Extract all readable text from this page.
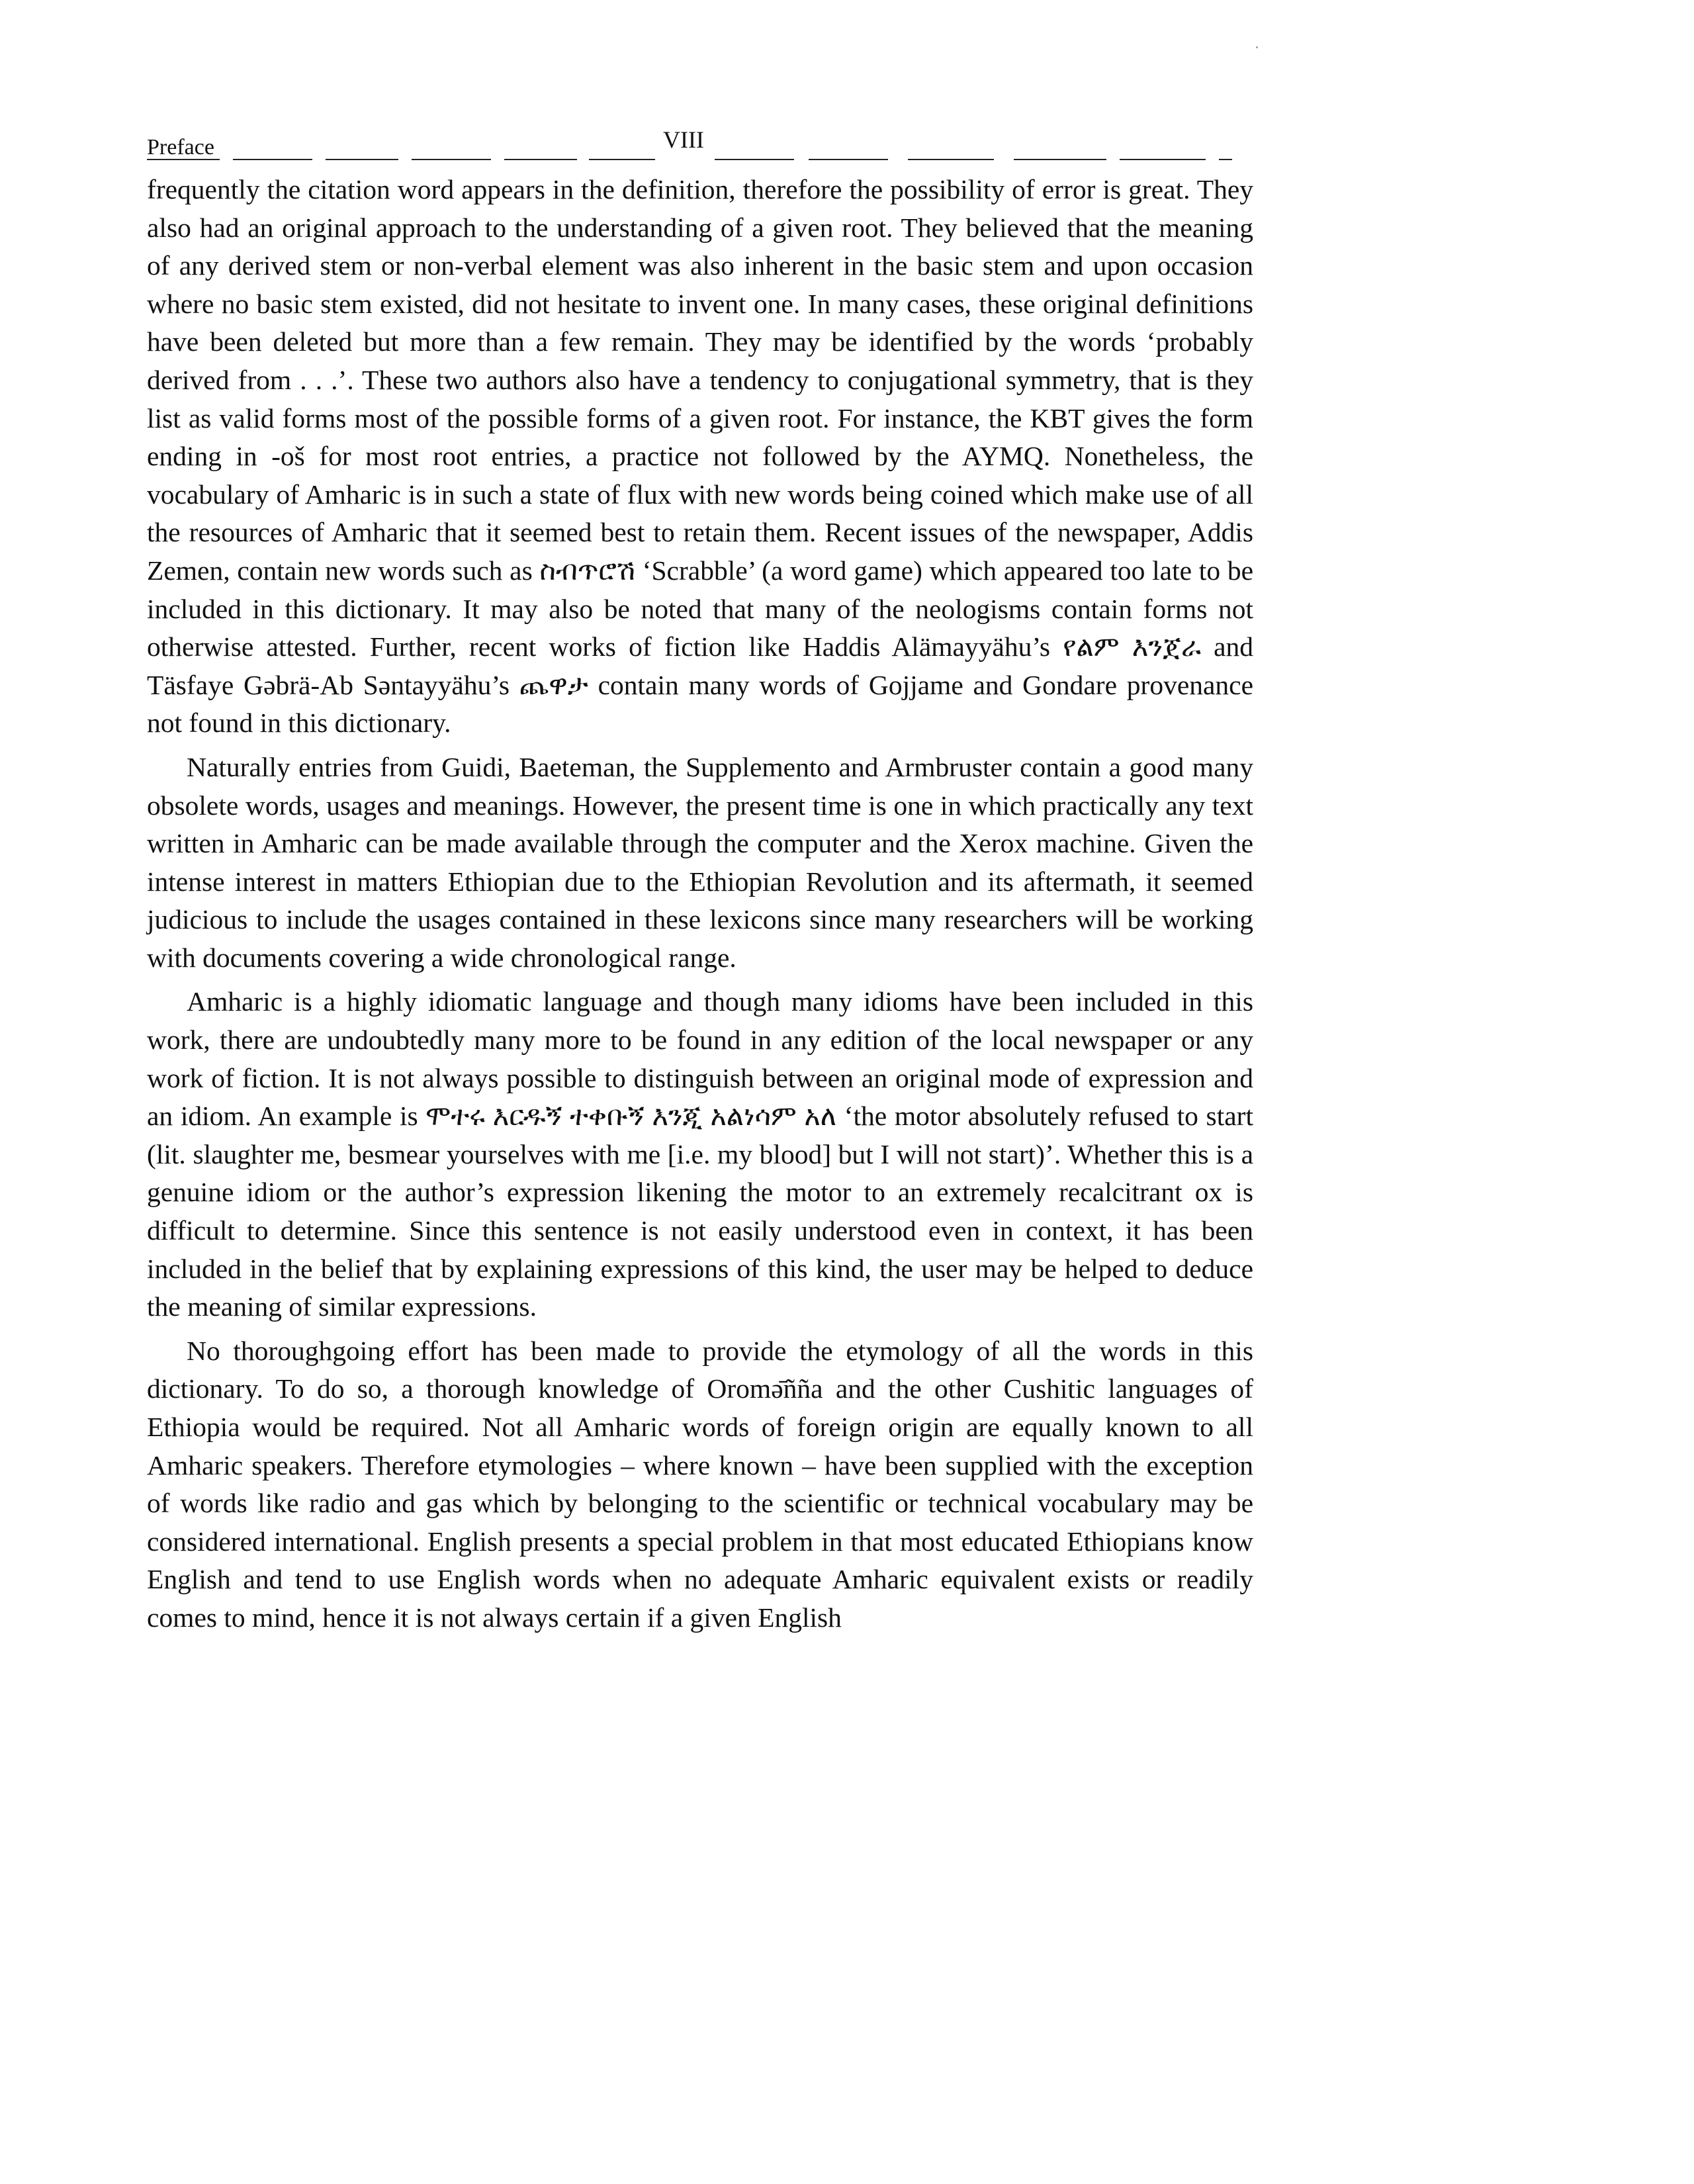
Preface	VIII

frequently the citation word appears in the definition, therefore the possibility of error is great. They also had an original approach to the understanding of a given root. They believed that the meaning of any derived stem or non-verbal element was also inherent in the basic stem and upon occasion where no basic stem existed, did not hesitate to invent one. In many cases, these original definitions have been deleted but more than a few remain. They may be identified by the words ‘probably derived from . . .’. These two authors also have a tendency to conjugational symmetry, that is they list as valid forms most of the possible forms of a given root. For instance, the KBT gives the form ending in -oš for most root entries, a practice not followed by the AYMQ. Nonetheless, the vocabulary of Amharic is in such a state of flux with new words being coined which make use of all the resources of Amharic that it seemed best to retain them. Recent issues of the newspaper, Addis Zemen, contain new words such as ስብጥሮሽ ‘Scrabble’ (a word game) which appeared too late to be included in this dictionary. It may also be noted that many of the neologisms contain forms not otherwise attested. Further, recent works of fiction like Haddis Alämayyähu’s የልም እንጀራ and Täsfaye Gəbrä-Ab Səntayyähu’s ጨዋታ contain many words of Gojjame and Gondare provenance not found in this dictionary.

Naturally entries from Guidi, Baeteman, the Supplemento and Armbruster contain a good many obsolete words, usages and meanings. However, the present time is one in which practically any text written in Amharic can be made available through the computer and the Xerox machine. Given the intense interest in matters Ethiopian due to the Ethiopian Revolution and its aftermath, it seemed judicious to include the usages contained in these lexicons since many researchers will be working with documents covering a wide chronological range.

Amharic is a highly idiomatic language and though many idioms have been included in this work, there are undoubtedly many more to be found in any edition of the local newspaper or any work of fiction. It is not always possible to distinguish between an original mode of expression and an idiom. An example is ሞተሩ እርዱኝ ተቀቡኝ እንጂ አልነሳም አለ ‘the motor absolutely refused to start (lit. slaughter me, besmear yourselves with me [i.e. my blood] but I will not start)’. Whether this is a genuine idiom or the author’s expression likening the motor to an extremely recalcitrant ox is difficult to determine. Since this sentence is not easily understood even in context, it has been included in the belief that by explaining expressions of this kind, the user may be helped to deduce the meaning of similar expressions.

No thoroughgoing effort has been made to provide the etymology of all the words in this dictionary. To do so, a thorough knowledge of Oromə̄ñña and the other Cushitic languages of Ethiopia would be required. Not all Amharic words of foreign origin are equally known to all Amharic speakers. Therefore etymologies – where known – have been supplied with the exception of words like radio and gas which by belonging to the scientific or technical vocabulary may be considered international. English presents a special problem in that most educated Ethiopians know English and tend to use English words when no adequate Amharic equivalent exists or readily comes to mind, hence it is not always certain if a given English
